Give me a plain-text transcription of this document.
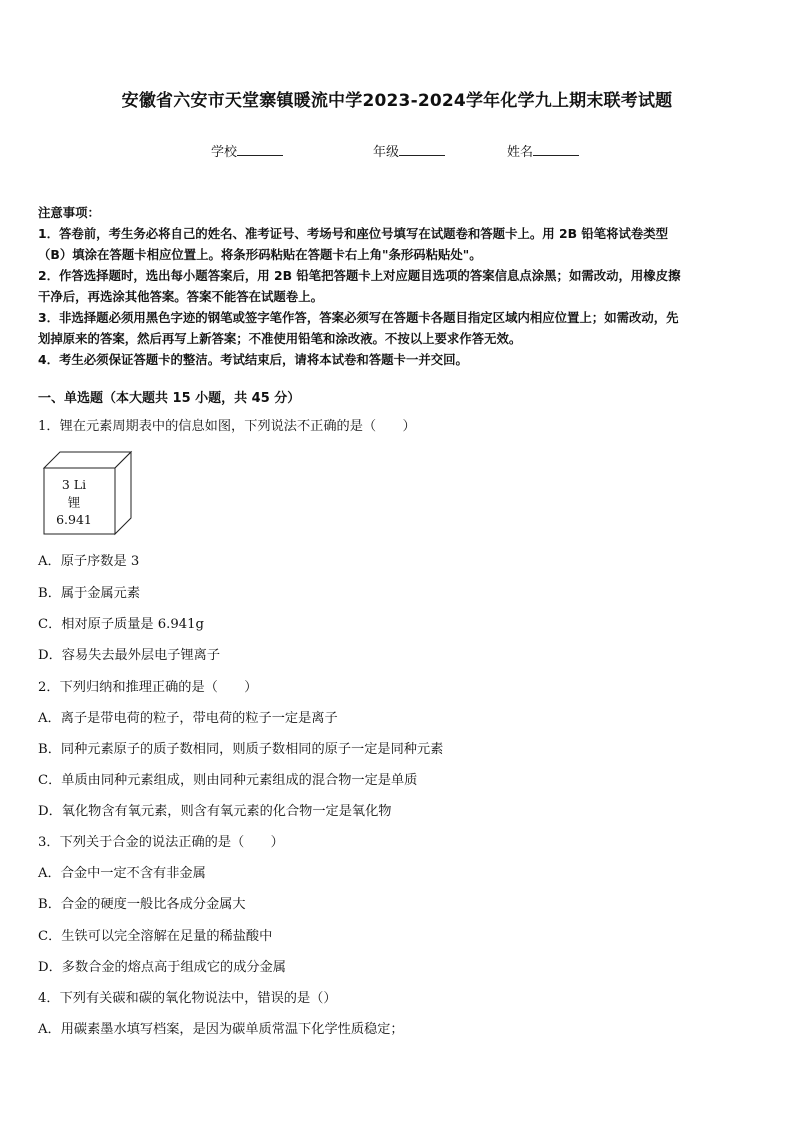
安徽省六安市天堂寨镇暖流中学2023-2024学年化学九上期末联考试题
学校	年级	姓名

注意事项：

1．答卷前，考生务必将自己的姓名、准考证号、考场号和座位号填写在试题卷和答题卡上。用 2B 铅笔将试卷类型

（B）填涂在答题卡相应位置上。将条形码粘贴在答题卡右上角"条形码粘贴处"。

2．作答选择题时，选出每小题答案后，用 2B 铅笔把答题卡上对应题目选项的答案信息点涂黑；如需改动，用橡皮擦

干净后，再选涂其他答案。答案不能答在试题卷上。

3．非选择题必须用黑色字迹的钢笔或签字笔作答，答案必须写在答题卡各题目指定区域内相应位置上；如需改动，先

划掉原来的答案，然后再写上新答案；不准使用铅笔和涂改液。不按以上要求作答无效。

4．考生必须保证答题卡的整洁。考试结束后，请将本试卷和答题卡一并交回。

一、单选题（本大题共 15 小题，共 45 分）
1．锂在元素周期表中的信息如图，下列说法不正确的是（　　）
3 Li
锂
6.941
A．原子序数是 3
B．属于金属元素
C．相对原子质量是 6.941g
D．容易失去最外层电子锂离子
2．下列归纳和推理正确的是（　　）
A．离子是带电荷的粒子，带电荷的粒子一定是离子
B．同种元素原子的质子数相同，则质子数相同的原子一定是同种元素
C．单质由同种元素组成，则由同种元素组成的混合物一定是单质
D．氧化物含有氧元素，则含有氧元素的化合物一定是氧化物
3．下列关于合金的说法正确的是（　　）
A．合金中一定不含有非金属
B．合金的硬度一般比各成分金属大
C．生铁可以完全溶解在足量的稀盐酸中
D．多数合金的熔点高于组成它的成分金属
4．下列有关碳和碳的氧化物说法中，错误的是（）
A．用碳素墨水填写档案，是因为碳单质常温下化学性质稳定；
